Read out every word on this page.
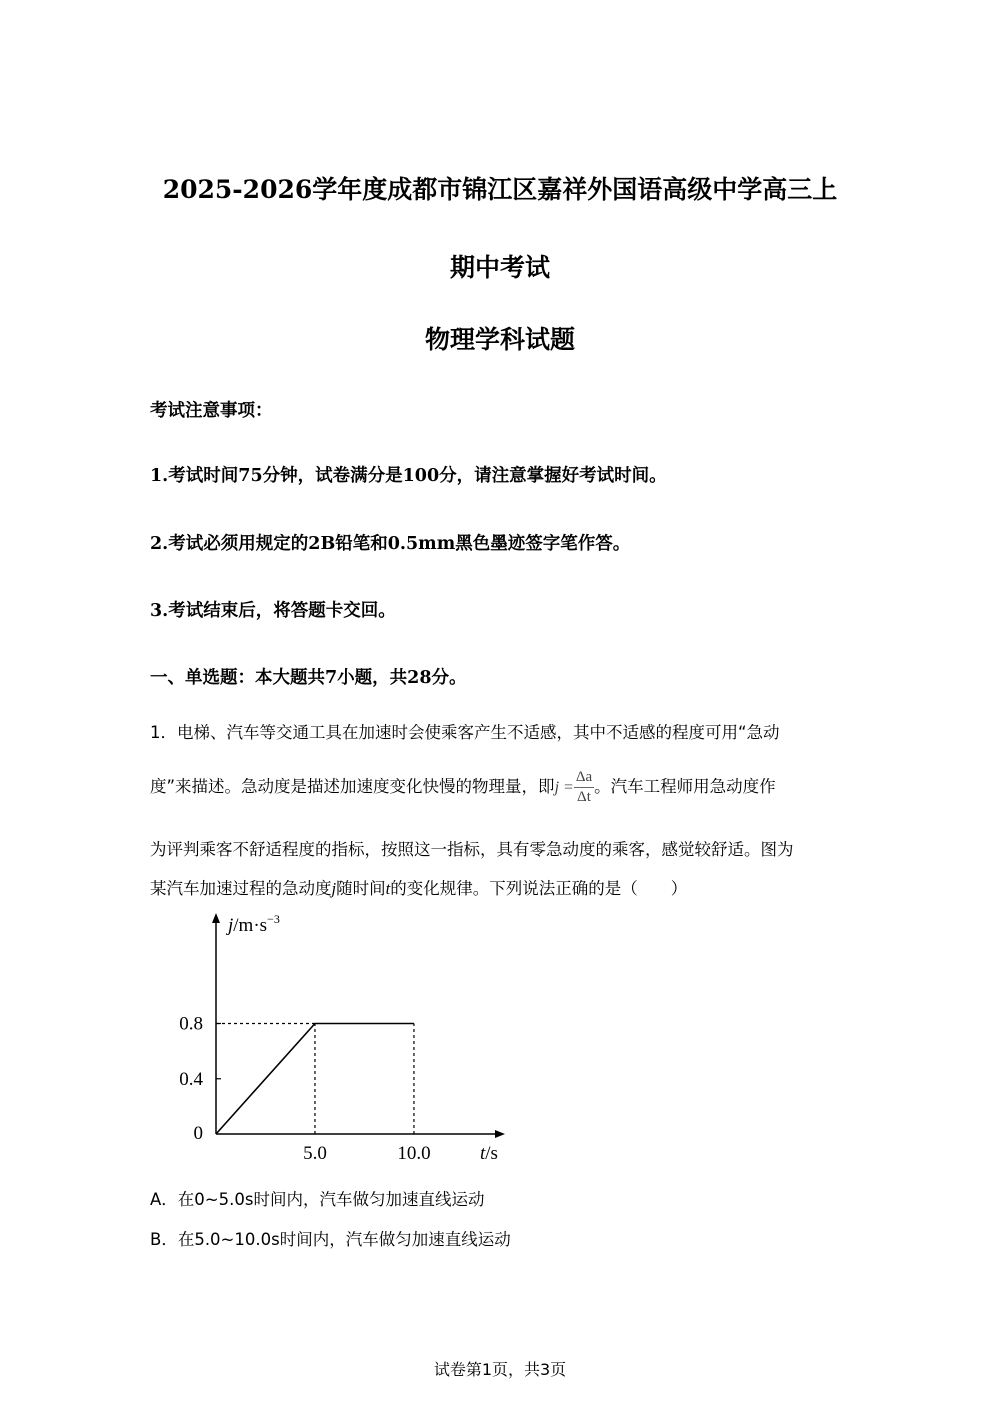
2025-2026学年度成都市锦江区嘉祥外国语高级中学高三上
期中考试
物理学科试题
考试注意事项：
1.考试时间75分钟，试卷满分是100分，请注意掌握好考试时间。
2.考试必须用规定的2B铅笔和0.5mm黑色墨迹签字笔作答。
3.考试结束后，将答题卡交回。
一、单选题：本大题共7小题，共28分。
1．电梯、汽车等交通工具在加速时会使乘客产生不适感，其中不适感的程度可用“急动
度”来描述。急动度是描述加速度变化快慢的物理量，即$j = \frac{\Delta a}{\Delta t}$ 。汽车工程师用急动度作
为评判乘客不舒适程度的指标，按照这一指标，具有零急动度的乘客，感觉较舒适。图为
某汽车加速过程的急动度j随时间t的变化规律。下列说法正确的是（　　）
0.4
0.8
5.0	10.0
0
t/s
$j/m\cdot s^{-3}$
A．在0~5.0s时间内，汽车做匀加速直线运动
B．在5.0~10.0s时间内，汽车做匀加速直线运动
试卷第1页，共3页
